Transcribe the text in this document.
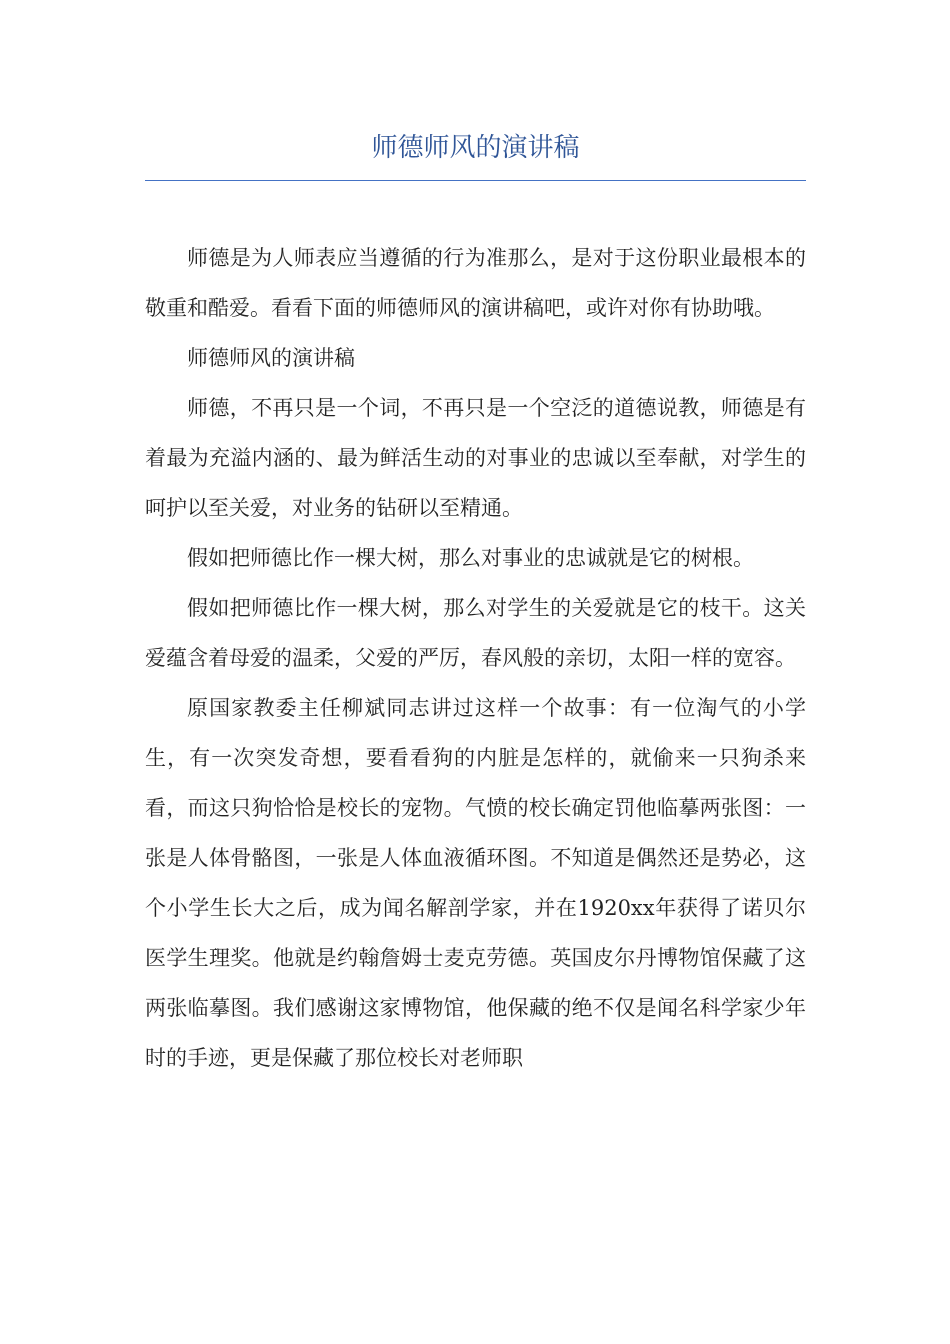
师德师风的演讲稿

师德是为人师表应当遵循的行为准那么，是对于这份职业最根本的敬重和酷爱。看看下面的师德师风的演讲稿吧，或许对你有协助哦。

师德师风的演讲稿

师德，不再只是一个词，不再只是一个空泛的道德说教，师德是有着最为充溢内涵的、最为鲜活生动的对事业的忠诚以至奉献，对学生的呵护以至关爱，对业务的钻研以至精通。

假如把师德比作一棵大树，那么对事业的忠诚就是它的树根。

假如把师德比作一棵大树，那么对学生的关爱就是它的枝干。这关爱蕴含着母爱的温柔，父爱的严厉，春风般的亲切，太阳一样的宽容。

原国家教委主任柳斌同志讲过这样一个故事：有一位淘气的小学生，有一次突发奇想，要看看狗的内脏是怎样的，就偷来一只狗杀来看，而这只狗恰恰是校长的宠物。气愤的校长确定罚他临摹两张图：一张是人体骨骼图，一张是人体血液循环图。不知道是偶然还是势必，这个小学生长大之后，成为闻名解剖学家，并在1920xx年获得了诺贝尔医学生理奖。他就是约翰詹姆士麦克劳德。英国皮尔丹博物馆保藏了这两张临摹图。我们感谢这家博物馆，他保藏的绝不仅是闻名科学家少年时的手迹，更是保藏了那位校长对老师职
